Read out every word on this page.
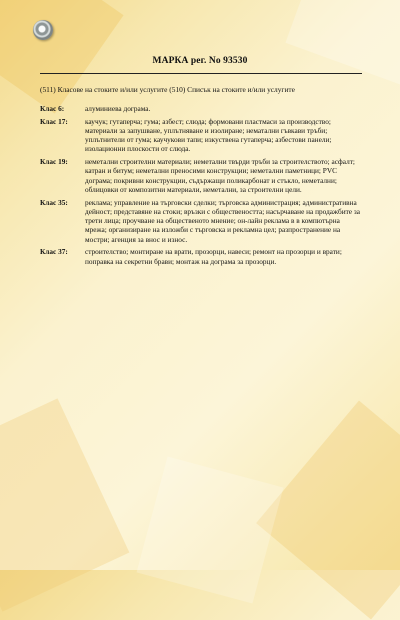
МАРКА рег. No 93530
(511) Класове на стоките и/или услугите (510) Списък на стоките и/или услугите
Клас 6:	алуминиева дограма.
Клас 17:	каучук; гутаперча; гума; азбест; слюда; формовани пластмаси за производство; материали за запушване, уплътняване и изолиране; нематални гъвкави тръби; уплътнители от гума; каучукови тапи; изкуствена гутаперча; азбестови панели; изолационни плоскости от слюда.
Клас 19:	неметални строителни материали; неметални твърди тръби за строителството; асфалт; катран и битум; неметални преносими конструкции; неметални паметници; PVC дограма; покривни конструкции, съдържащи поликарбонат и стъкло, неметални; облицовки от композитни материали, неметални, за строителни цели.
Клас 35:	реклама; управление на търговски сделки; търговска администрация; административна дейност; представяне на стоки; връзки с обществеността; насърчаване на продажбите за трети лица; проучване на общественото мнение; он-лайн реклама в в компютърна мрежа; организиране на изложби с търговска и рекламна цел; разпространение на мостри; агенция за внос и износ.
Клас 37:	строителство; монтиране на врати, прозорци, навеси; ремонт на прозорци и врати; поправка на секретни брави; монтаж на дограма за прозорци.
